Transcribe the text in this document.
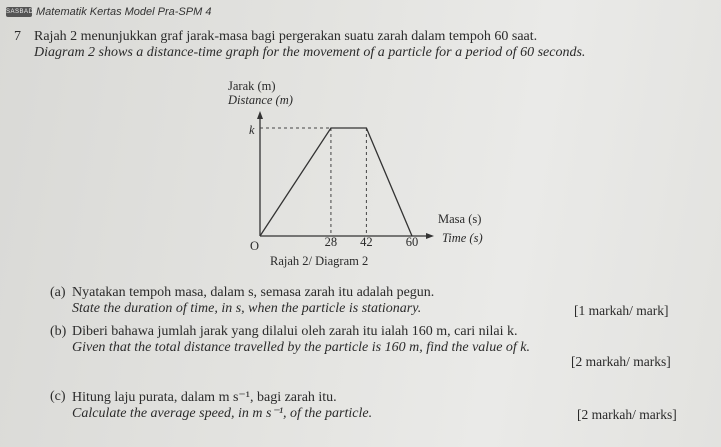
SASBADI Matematik Kertas Model Pra-SPM 4
7 Rajah 2 menunjukkan graf jarak-masa bagi pergerakan suatu zarah dalam tempoh 60 saat.
Diagram 2 shows a distance-time graph for the movement of a particle for a period of 60 seconds.
Jarak (m)
Distance (m)
k
O	28 42	60
Masa (s)
Time (s)
Rajah 2/ Diagram 2
(a) Nyatakan tempoh masa, dalam s, semasa zarah itu adalah pegun.
State the duration of time, in s, when the particle is stationary.	[1 markah/ mark]
(b) Diberi bahawa jumlah jarak yang dilalui oleh zarah itu ialah 160 m, cari nilai k.
Given that the total distance travelled by the particle is 160 m, find the value of k.
[2 markah/ marks]
(c) Hitung laju purata, dalam m s⁻¹, bagi zarah itu.
Calculate the average speed, in m s⁻¹, of the particle.	[2 markah/ marks]
